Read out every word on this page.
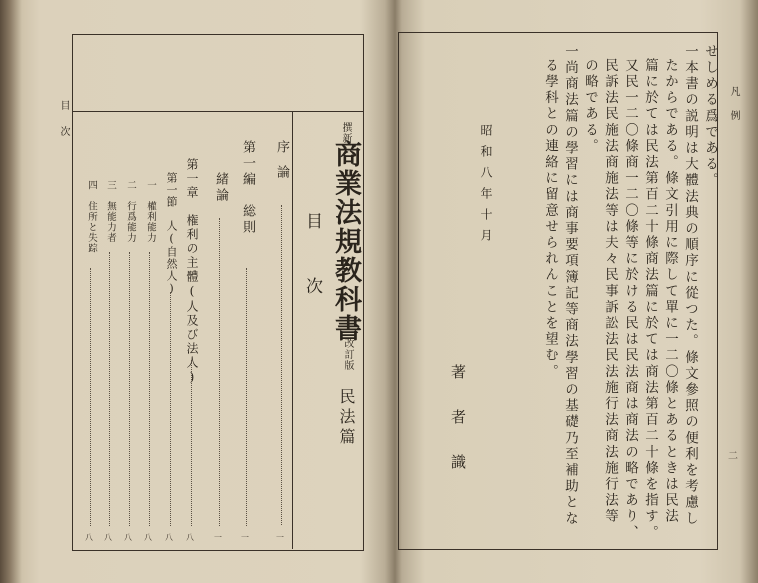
目次	撰新
商業法規教科書
改訂版
民法篇
目次
序論
一
第一編　総則
一
緒論
一
第一章　権利の主體(人及び法人)
八
第一節　人(自然人)
八
一　權利能力
八
二　行爲能力
八
三　無能力者
八
四　住所と失踪
八
凡例
二
せしめる爲である。
一本書の説明は大體法典の順序に從つた。條文參照の便利を考慮し
たからである。條文引用に際して單に一二〇條とあるときは民法
篇に於ては民法第百二十條商法篇に於ては商法第百二十條を指す。
又民一二〇條商一二〇條等に於ける民は民法商は商法の略であり、
民訴法民施法商施法等は夫々民事訴訟法民法施行法商法施行法等
の略である。
一尚商法篇の學習には商事要項簿記等商法學習の基礎乃至補助とな
る學科との連絡に留意せられんことを望む。
昭和八年十月
著者識
